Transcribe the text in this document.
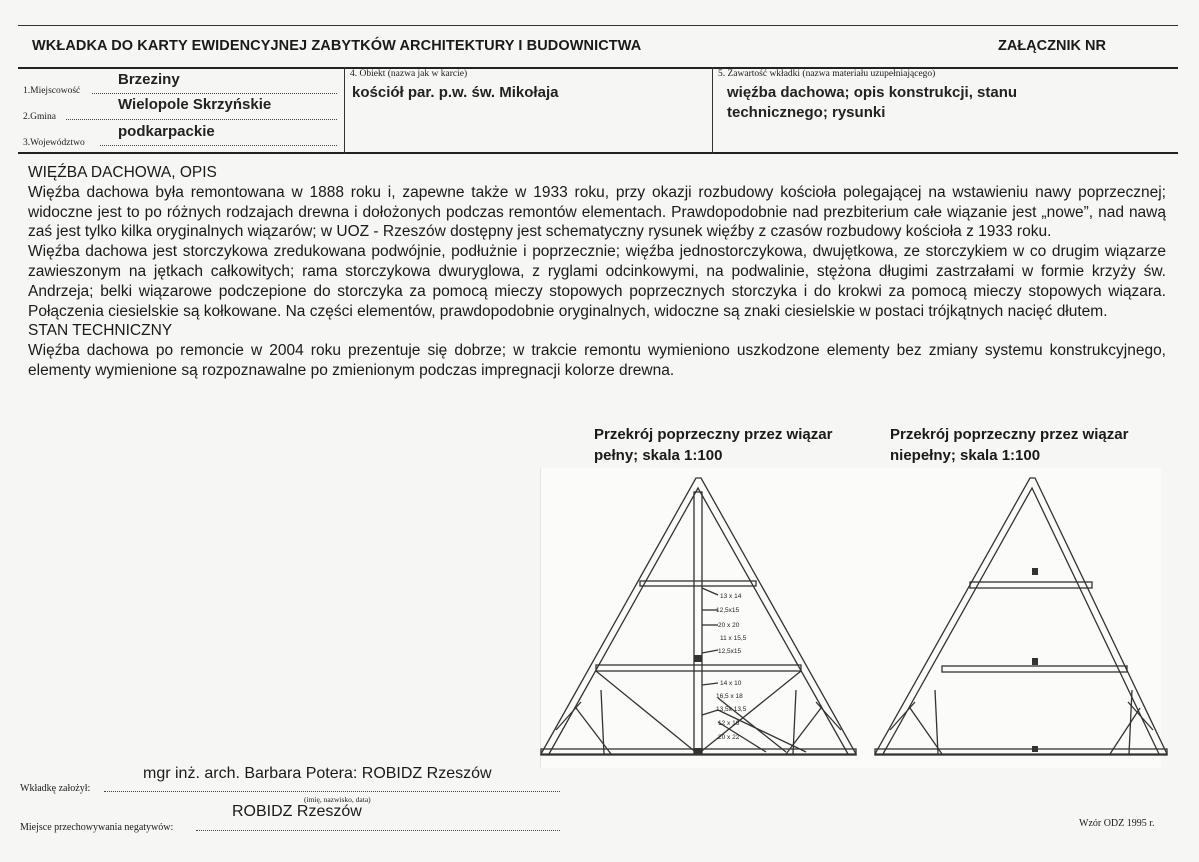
WKŁADKA DO KARTY EWIDENCYJNEJ ZABYTKÓW ARCHITEKTURY I BUDOWNICTWA	ZAŁĄCZNIK NR
1.Miejscowość
Brzeziny
2.Gmina
Wielopole Skrzyńskie
3.Województwo
podkarpackie
4. Obiekt (nazwa jak w karcie)
kościół par. p.w. św. Mikołaja
5. Zawartość wkładki (nazwa materiału uzupełniającego)
więźba dachowa; opis konstrukcji, stanu
technicznego; rysunki

WIĘŹBA DACHOWA, OPIS

Więźba dachowa była remontowana w 1888 roku i, zapewne także w 1933 roku, przy okazji rozbudowy kościoła polegającej na wstawieniu nawy poprzecznej; widoczne jest to po różnych rodzajach drewna i dołożonych podczas remontów elementach. Prawdopodobnie nad prezbiterium całe wiązanie jest „nowe”, nad nawą zaś jest tylko kilka oryginalnych wiązarów; w UOZ - Rzeszów dostępny jest schematyczny rysunek więźby z czasów rozbudowy kościoła z 1933 roku.

Więźba dachowa jest storczykowa zredukowana podwójnie, podłużnie i poprzecznie; więźba jednostorczykowa, dwujętkowa, ze storczykiem w co drugim wiązarze zawieszonym na jętkach całkowitych; rama storczykowa dwuryglowa, z ryglami odcinkowymi, na podwalinie, stężona długimi zastrzałami w formie krzyży św. Andrzeja; belki wiązarowe podczepione do storczyka za pomocą mieczy stopowych poprzecznych storczyka i do krokwi za pomocą mieczy stopowych wiązara. Połączenia ciesielskie są kołkowane. Na części elementów, prawdopodobnie oryginalnych, widoczne są znaki ciesielskie w postaci trójkątnych nacięć dłutem.

STAN TECHNICZNY

Więźba dachowa po remoncie w 2004 roku prezentuje się dobrze; w trakcie remontu wymieniono uszkodzone elementy bez zmiany systemu konstrukcyjnego, elementy wymienione są rozpoznawalne po zmienionym podczas impregnacji kolorze drewna.

Przekrój poprzeczny przez wiązar
pełny; skala 1:100
Przekrój poprzeczny przez wiązar
niepełny; skala 1:100
13 x 14
12,5x15
20 x 20
11 x 15,5
12,5x15
14 x 10
16,5 x 18
13,5x 13,5
12 x 16
20 x 22
mgr inż. arch. Barbara Potera: ROBIDZ Rzeszów
Wkładkę założył:
(imię, nazwisko, data)
ROBIDZ Rzeszów
Miejsce przechowywania negatywów:	Wzór ODZ 1995 r.
